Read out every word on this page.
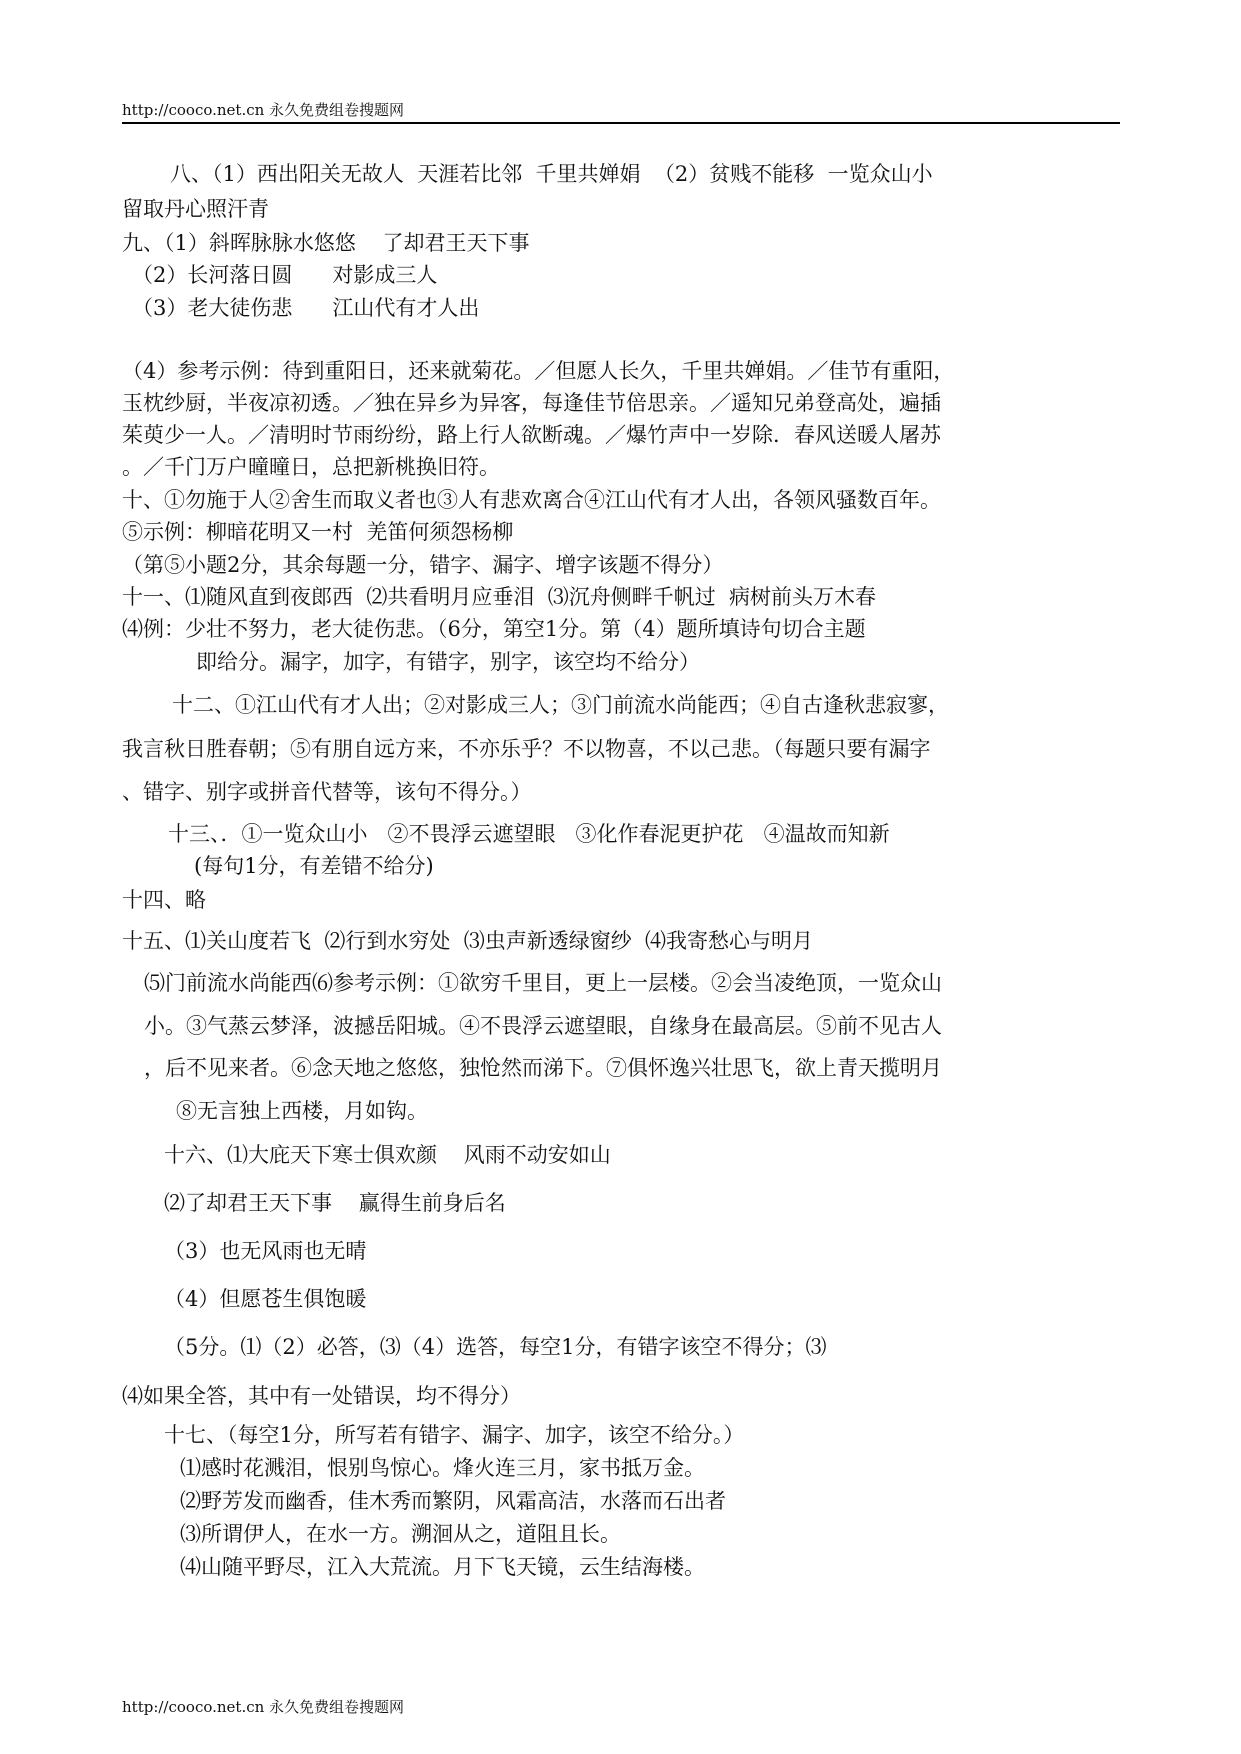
http://cooco.net.cn 永久免费组卷搜题网
八、（1）西出阳关无故人  天涯若比邻  千里共婵娟  （2）贫贱不能移  一览众山小
留取丹心照汗青
九、（1）斜晖脉脉水悠悠    了却君王天下事
（2）长河落日圆      对影成三人
（3）老大徒伤悲      江山代有才人出
（4）参考示例：待到重阳日，还来就菊花。／但愿人长久，千里共婵娟。／佳节有重阳，
玉枕纱厨，半夜凉初透。／独在异乡为异客，每逢佳节倍思亲。／遥知兄弟登高处，遍插
茱萸少一人。／清明时节雨纷纷，路上行人欲断魂。／爆竹声中一岁除．春风送暖人屠苏
。／千门万户曈曈日，总把新桃换旧符。
十、①勿施于人②舍生而取义者也③人有悲欢离合④江山代有才人出，各领风骚数百年。
⑤示例：柳暗花明又一村  羌笛何须怨杨柳
（第⑤小题2分，其余每题一分，错字、漏字、增字该题不得分）
十一、⑴随风直到夜郎西  ⑵共看明月应垂泪  ⑶沉舟侧畔千帆过  病树前头万木春
⑷例：少壮不努力，老大徒伤悲。（6分，第空1分。第（4）题所填诗句切合主题
即给分。漏字，加字，有错字，别字，该空均不给分）
十二、①江山代有才人出；②对影成三人；③门前流水尚能西；④自古逢秋悲寂寥，
我言秋日胜春朝；⑤有朋自远方来，不亦乐乎？不以物喜，不以己悲。（每题只要有漏字
、错字、别字或拼音代替等，该句不得分。）
十三、．①一览众山小   ②不畏浮云遮望眼   ③化作春泥更护花   ④温故而知新
(每句1分，有差错不给分)
十四、略
十五、⑴关山度若飞  ⑵行到水穷处  ⑶虫声新透绿窗纱  ⑷我寄愁心与明月
⑸门前流水尚能西⑹参考示例：①欲穷千里目，更上一层楼。②会当凌绝顶，一览众山
小。③气蒸云梦泽，波撼岳阳城。④不畏浮云遮望眼，自缘身在最高层。⑤前不见古人
，后不见来者。⑥念天地之悠悠，独怆然而涕下。⑦俱怀逸兴壮思飞，欲上青天揽明月
⑧无言独上西楼，月如钩。
十六、⑴大庇天下寒士俱欢颜    风雨不动安如山
⑵了却君王天下事    赢得生前身后名
（3）也无风雨也无晴
（4）但愿苍生俱饱暖
（5分。⑴（2）必答，⑶（4）选答，每空1分，有错字该空不得分；⑶
⑷如果全答，其中有一处错误，均不得分）
十七、（每空1分，所写若有错字、漏字、加字，该空不给分。）
⑴感时花溅泪，恨别鸟惊心。烽火连三月，家书抵万金。
⑵野芳发而幽香，佳木秀而繁阴，风霜高洁，水落而石出者
⑶所谓伊人，在水一方。溯洄从之，道阻且长。
⑷山随平野尽，江入大荒流。月下飞天镜，云生结海楼。
http://cooco.net.cn 永久免费组卷搜题网
